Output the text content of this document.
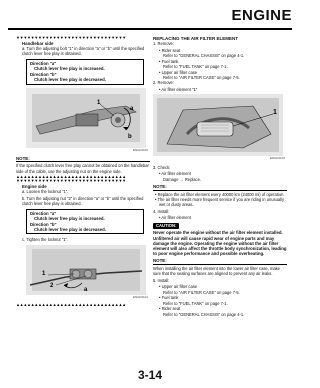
ENGINE
▼▼▼▼▼▼▼▼▼▼▼▼▼▼▼▼▼▼▼▼▼▼▼▼▼▼▼▼▼▼
Handlebar side
a. Turn the adjusting bolt "1" in direction "a" or "b" until the specified clutch lever free play is obtained.
Direction "a"
Clutch lever free play is increased.
Direction "b"
Clutch lever free play is decreased.
1
a
b
ENGF0100
NOTE:
If the specified clutch lever free play cannot be obtained on the handlebar side of the cable, use the adjusting nut on the engine side.
▲▲▲▲▲▲▲▲▲▲▲▲▲▲▲▲▲▲▲▲▲▲▲▲▲▲▲▲▲▲
▼▼▼▼▼▼▼▼▼▼▼▼▼▼▼▼▼▼▼▼▼▼▼▼▼▼▼▼▼▼
Engine side
a. Loosen the locknut "1".
b. Turn the adjusting nut "2" in direction "a" or "b" until the specified clutch lever free play is obtained.
Direction "a"
Clutch lever free play is increased.
Direction "b"
Clutch lever free play is decreased.
c. Tighten the locknut "1".
1
2
a
ENGF0101
▲▲▲▲▲▲▲▲▲▲▲▲▲▲▲▲▲▲▲▲▲▲▲▲▲▲▲▲▲▲
REPLACING THE AIR FILTER ELEMENT
1. Remove:
• Rider seat
Refer to "GENERAL CHASSIS" on page 4-1.
• Fuel tank
Refer to "FUEL TANK" on page 7-1.
• Upper air filter case
Refer to "AIR FILTER CASE" on page 7-5.
2. Remove:
• Air filter element "1"
1
ENGF0102
3. Check:
• Air filter element
Damage → Replace.
NOTE:
• Replace the air filter element every 40000 km (24000 mi) of operation.
• The air filter needs more frequent service if you are riding in unusually wet or dusty areas.
4. Install:
• Air filter element
CAUTION:
Never operate the engine without the air filter element installed. Unfiltered air will cause rapid wear of engine parts and may damage the engine. Operating the engine without the air filter element will also affect the throttle body synchronization, leading to poor engine performance and possible overheating.
NOTE:
When installing the air filter element into the lower air filter case, make sure that the sealing surfaces are aligned to prevent any air leaks.
5. Install:
• Upper air filter case
Refer to "AIR FILTER CASE" on page 7-5.
• Fuel tank
Refer to "FUEL TANK" on page 7-1.
• Rider seat
Refer to "GENERAL CHASSIS" on page 4-1.
3-14
